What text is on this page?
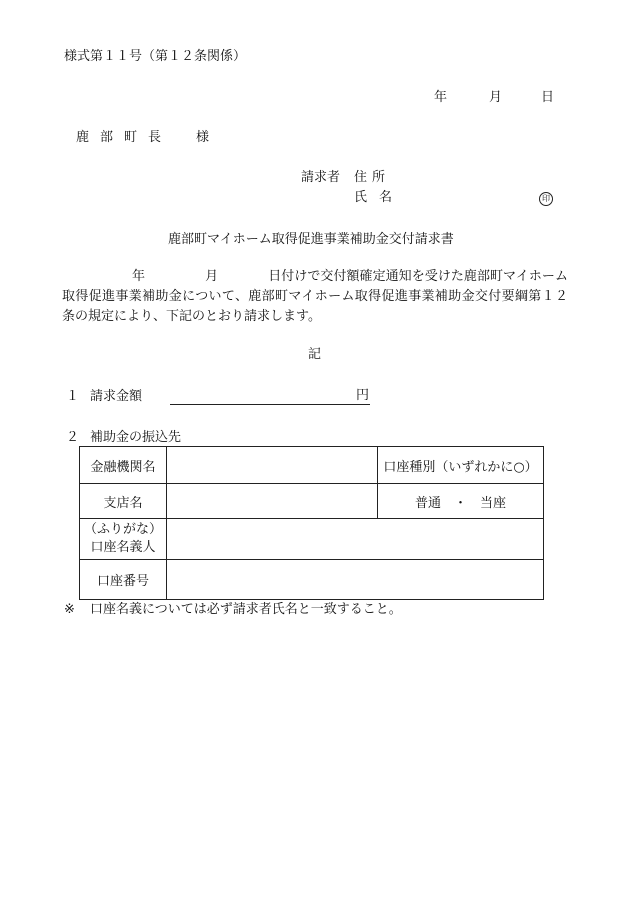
様式第１１号（第１２条関係）
年	月	日
鹿部町長 様
請求者 住所
氏名	印
鹿部町マイホーム取得促進事業補助金交付請求書
年	月	日付けで交付額確定通知を受けた鹿部町マイホーム取得促進事業補助金について、鹿部町マイホーム取得促進事業補助金交付要綱第１２条の規定により、下記のとおり請求します。
記
１ 請求金額	円
２ 補助金の振込先
金融機関名		口座種別（いずれかに○）
支店名		普通　・　当座

（ふりがな）
口座名義人		

口座番号		
※ 口座名義については必ず請求者氏名と一致すること。
